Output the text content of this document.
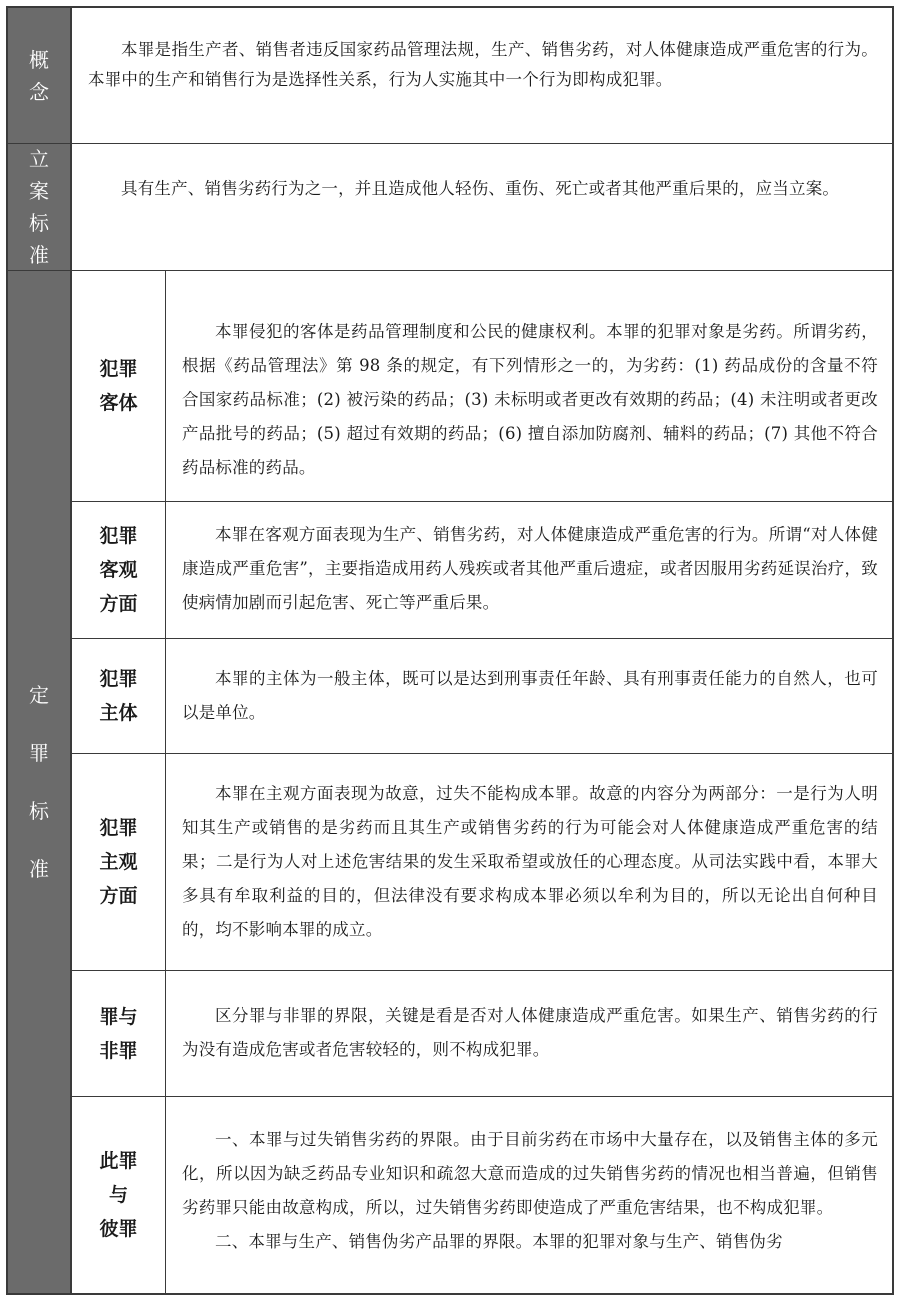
概
念
本罪是指生产者、销售者违反国家药品管理法规，生产、销售劣药，对人体健康造成严重危害的行为。本罪中的生产和销售行为是选择性关系，行为人实施其中一个行为即构成犯罪。
立
案
标
准
具有生产、销售劣药行为之一，并且造成他人轻伤、重伤、死亡或者其他严重后果的，应当立案。
定
罪
标
准
犯罪
客体

本罪侵犯的客体是药品管理制度和公民的健康权利。本罪的犯罪对象是劣药。所谓劣药，根据《药品管理法》第 98 条的规定，有下列情形之一的，为劣药：(1) 药品成份的含量不符合国家药品标准；(2) 被污染的药品；(3) 未标明或者更改有效期的药品；(4) 未注明或者更改产品批号的药品；(5) 超过有效期的药品；(6) 擅自添加防腐剂、辅料的药品；(7) 其他不符合药品标准的药品。

犯罪
客观
方面

本罪在客观方面表现为生产、销售劣药，对人体健康造成严重危害的行为。所谓“对人体健康造成严重危害”，主要指造成用药人残疾或者其他严重后遗症，或者因服用劣药延误治疗，致使病情加剧而引起危害、死亡等严重后果。

犯罪
主体

本罪的主体为一般主体，既可以是达到刑事责任年龄、具有刑事责任能力的自然人，也可以是单位。

犯罪
主观
方面

本罪在主观方面表现为故意，过失不能构成本罪。故意的内容分为两部分：一是行为人明知其生产或销售的是劣药而且其生产或销售劣药的行为可能会对人体健康造成严重危害的结果；二是行为人对上述危害结果的发生采取希望或放任的心理态度。从司法实践中看，本罪大多具有牟取利益的目的，但法律没有要求构成本罪必须以牟利为目的，所以无论出自何种目的，均不影响本罪的成立。

罪与
非罪

区分罪与非罪的界限，关键是看是否对人体健康造成严重危害。如果生产、销售劣药的行为没有造成危害或者危害较轻的，则不构成犯罪。

此罪
与
彼罪

一、本罪与过失销售劣药的界限。由于目前劣药在市场中大量存在，以及销售主体的多元化，所以因为缺乏药品专业知识和疏忽大意而造成的过失销售劣药的情况也相当普遍，但销售劣药罪只能由故意构成，所以，过失销售劣药即使造成了严重危害结果，也不构成犯罪。

二、本罪与生产、销售伪劣产品罪的界限。本罪的犯罪对象与生产、销售伪劣
